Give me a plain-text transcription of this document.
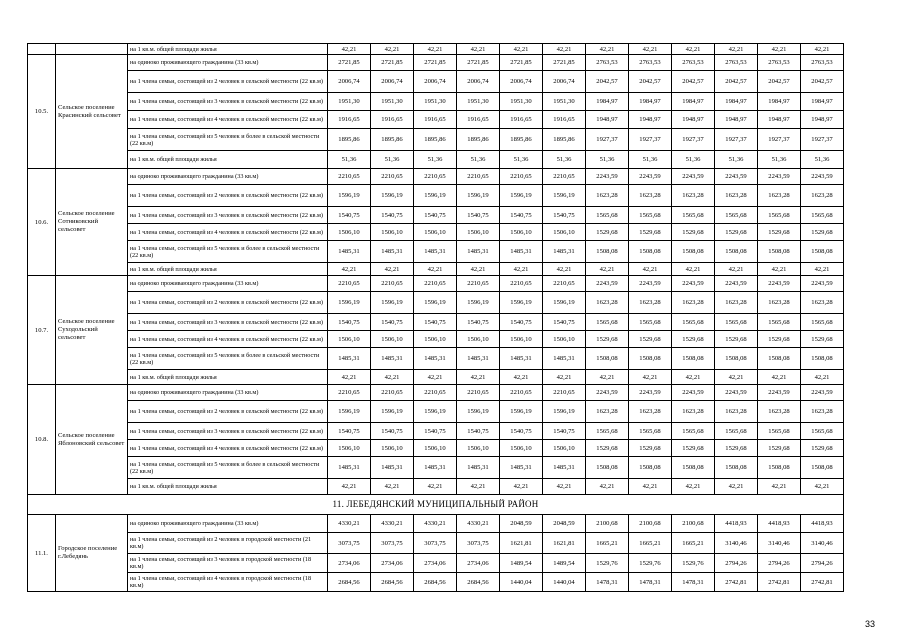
		на 1 кв.м. общей площади жилья	42,21	42,21	42,21	42,21	42,21	42,21	42,21	42,21	42,21	42,21	42,21	42,21
10.5.	Сельское поселение Красинский сельсовет	на одиноко проживающего гражданина (33 кв.м)	2721,85	2721,85	2721,85	2721,85	2721,85	2721,85	2763,53	2763,53	2763,53	2763,53	2763,53	2763,53
		на 1 члена семьи, состоящей из 2 человек в сельской местности (22 кв.м)	2006,74	2006,74	2006,74	2006,74	2006,74	2006,74	2042,57	2042,57	2042,57	2042,57	2042,57	2042,57
		на 1 члена семьи, состоящей из 3 человек в сельской местности (22 кв.м)	1951,30	1951,30	1951,30	1951,30	1951,30	1951,30	1984,97	1984,97	1984,97	1984,97	1984,97	1984,97
		на 1 члена семьи, состоящей из 4 человек в сельской местности (22 кв.м)	1916,65	1916,65	1916,65	1916,65	1916,65	1916,65	1948,97	1948,97	1948,97	1948,97	1948,97	1948,97
		на 1 члена семьи, состоящей из 5 человек и более в сельской местности (22 кв.м)	1895,86	1895,86	1895,86	1895,86	1895,86	1895,86	1927,37	1927,37	1927,37	1927,37	1927,37	1927,37
		на 1 кв.м. общей площади жилья	51,36	51,36	51,36	51,36	51,36	51,36	51,36	51,36	51,36	51,36	51,36	51,36
10.6.	Сельское поселение Сотниковский сельсовет	на одиноко проживающего гражданина (33 кв.м)	2210,65	2210,65	2210,65	2210,65	2210,65	2210,65	2243,59	2243,59	2243,59	2243,59	2243,59	2243,59
		на 1 члена семьи, состоящей из 2 человек в сельской местности (22 кв.м)	1596,19	1596,19	1596,19	1596,19	1596,19	1596,19	1623,28	1623,28	1623,28	1623,28	1623,28	1623,28
		на 1 члена семьи, состоящей из 3 человек в сельской местности (22 кв.м)	1540,75	1540,75	1540,75	1540,75	1540,75	1540,75	1565,68	1565,68	1565,68	1565,68	1565,68	1565,68
		на 1 члена семьи, состоящей из 4 человек в сельской местности (22 кв.м)	1506,10	1506,10	1506,10	1506,10	1506,10	1506,10	1529,68	1529,68	1529,68	1529,68	1529,68	1529,68
		на 1 члена семьи, состоящей из 5 человек и более в сельской местности (22 кв.м)	1485,31	1485,31	1485,31	1485,31	1485,31	1485,31	1508,08	1508,08	1508,08	1508,08	1508,08	1508,08
		на 1 кв.м. общей площади жилья	42,21	42,21	42,21	42,21	42,21	42,21	42,21	42,21	42,21	42,21	42,21	42,21
10.7.	Сельское поселение Суходольский сельсовет	на одиноко проживающего гражданина (33 кв.м)	2210,65	2210,65	2210,65	2210,65	2210,65	2210,65	2243,59	2243,59	2243,59	2243,59	2243,59	2243,59
		на 1 члена семьи, состоящей из 2 человек в сельской местности (22 кв.м)	1596,19	1596,19	1596,19	1596,19	1596,19	1596,19	1623,28	1623,28	1623,28	1623,28	1623,28	1623,28
		на 1 члена семьи, состоящей из 3 человек в сельской местности (22 кв.м)	1540,75	1540,75	1540,75	1540,75	1540,75	1540,75	1565,68	1565,68	1565,68	1565,68	1565,68	1565,68
		на 1 члена семьи, состоящей из 4 человек в сельской местности (22 кв.м)	1506,10	1506,10	1506,10	1506,10	1506,10	1506,10	1529,68	1529,68	1529,68	1529,68	1529,68	1529,68
		на 1 члена семьи, состоящей из 5 человек и более в сельской местности (22 кв.м)	1485,31	1485,31	1485,31	1485,31	1485,31	1485,31	1508,08	1508,08	1508,08	1508,08	1508,08	1508,08
		на 1 кв.м. общей площади жилья	42,21	42,21	42,21	42,21	42,21	42,21	42,21	42,21	42,21	42,21	42,21	42,21
10.8.	Сельское поселение Яблоновский сельсовет	на одиноко проживающего гражданина (33 кв.м)	2210,65	2210,65	2210,65	2210,65	2210,65	2210,65	2243,59	2243,59	2243,59	2243,59	2243,59	2243,59
		на 1 члена семьи, состоящей из 2 человек в сельской местности (22 кв.м)	1596,19	1596,19	1596,19	1596,19	1596,19	1596,19	1623,28	1623,28	1623,28	1623,28	1623,28	1623,28
		на 1 члена семьи, состоящей из 3 человек в сельской местности (22 кв.м)	1540,75	1540,75	1540,75	1540,75	1540,75	1540,75	1565,68	1565,68	1565,68	1565,68	1565,68	1565,68
		на 1 члена семьи, состоящей из 4 человек в сельской местности (22 кв.м)	1506,10	1506,10	1506,10	1506,10	1506,10	1506,10	1529,68	1529,68	1529,68	1529,68	1529,68	1529,68
		на 1 члена семьи, состоящей из 5 человек и более в сельской местности (22 кв.м)	1485,31	1485,31	1485,31	1485,31	1485,31	1485,31	1508,08	1508,08	1508,08	1508,08	1508,08	1508,08
		на 1 кв.м. общей площади жилья	42,21	42,21	42,21	42,21	42,21	42,21	42,21	42,21	42,21	42,21	42,21	42,21
11. ЛЕБЕДЯНСКИЙ МУНИЦИПАЛЬНЫЙ РАЙОН														
11.1.	Городское поселение г.Лебедянь	на одиноко проживающего гражданина (33 кв.м)	4330,21	4330,21	4330,21	4330,21	2048,59	2048,59	2100,68	2100,68	2100,68	4418,93	4418,93	4418,93
		на 1 члена семьи, состоящей из 2 человек в городской местности (21 кв.м)	3073,75	3073,75	3073,75	3073,75	1621,81	1621,81	1665,21	1665,21	1665,21	3140,46	3140,46	3140,46
		на 1 члена семьи, состоящей из 3 человек в городской местности (18 кв.м)	2734,06	2734,06	2734,06	2734,06	1489,54	1489,54	1529,76	1529,76	1529,76	2794,26	2794,26	2794,26
		на 1 члена семьи, состоящей из 4 человек в городской местности (18 кв.м)	2684,56	2684,56	2684,56	2684,56	1440,04	1440,04	1478,31	1478,31	1478,31	2742,81	2742,81	2742,81
33
